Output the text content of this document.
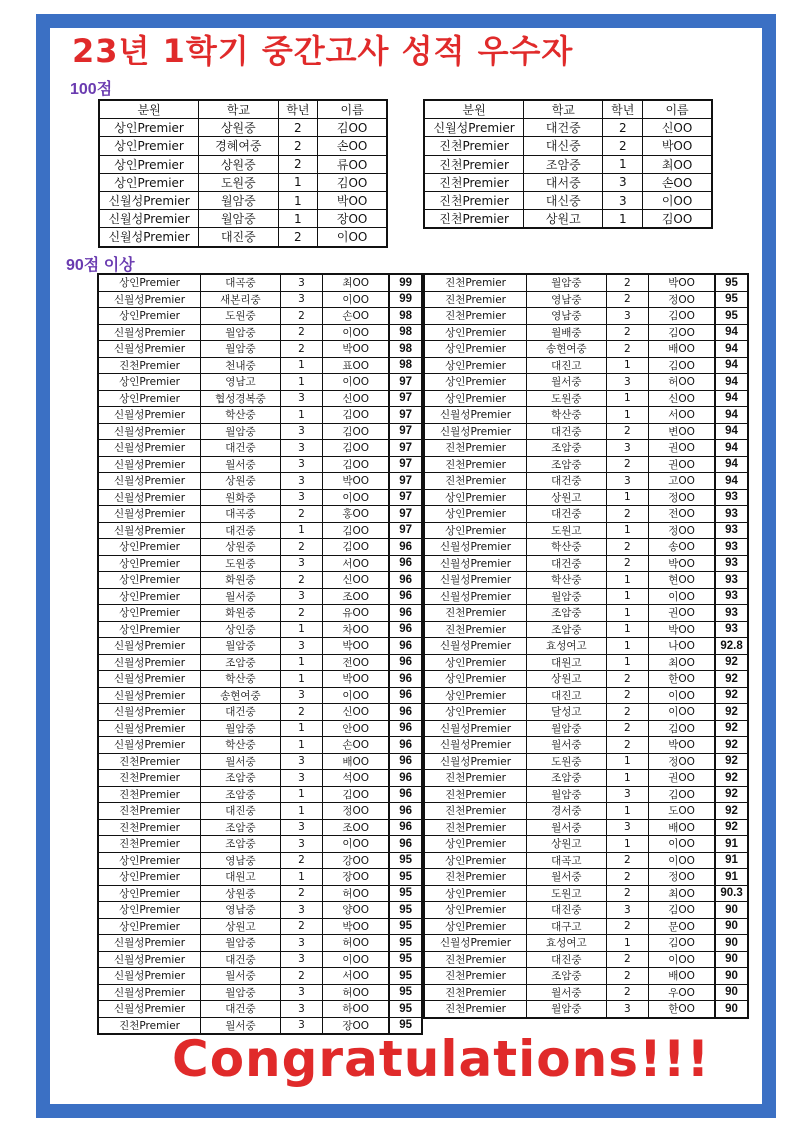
23년 1학기 중간고사 성적 우수자
100점
분원	학교	학년	이름
상인Premier	상원중	2	김OO
상인Premier	경혜여중	2	손OO
상인Premier	상원중	2	류OO
상인Premier	도원중	1	김OO
신월성Premier	월암중	1	박OO
신월성Premier	월암중	1	장OO
신월성Premier	대진중	2	이OO
분원	학교	학년	이름
신월성Premier	대건중	2	신OO
진천Premier	대신중	2	박OO
진천Premier	조암중	1	최OO
진천Premier	대서중	3	손OO
진천Premier	대신중	3	이OO
진천Premier	상원고	1	김OO
90점 이상
상인Premier	대곡중	3	최OO	99
신월성Premier	새본리중	3	이OO	99
상인Premier	도원중	2	손OO	98
신월성Premier	월암중	2	이OO	98
신월성Premier	월암중	2	박OO	98
진천Premier	천내중	1	표OO	98
상인Premier	영남고	1	이OO	97
상인Premier	협성경복중	3	신OO	97
신월성Premier	학산중	1	김OO	97
신월성Premier	월암중	3	김OO	97
신월성Premier	대건중	3	김OO	97
신월성Premier	월서중	3	김OO	97
신월성Premier	상원중	3	박OO	97
신월성Premier	원화중	3	이OO	97
신월성Premier	대곡중	2	홍OO	97
신월성Premier	대건중	1	김OO	97
상인Premier	상원중	2	김OO	96
상인Premier	도원중	3	서OO	96
상인Premier	화원중	2	신OO	96
상인Premier	월서중	3	조OO	96
상인Premier	화원중	2	유OO	96
상인Premier	상인중	1	차OO	96
신월성Premier	월암중	3	박OO	96
신월성Premier	조암중	1	전OO	96
신월성Premier	학산중	1	박OO	96
신월성Premier	송현여중	3	이OO	96
신월성Premier	대건중	2	신OO	96
신월성Premier	월암중	1	안OO	96
신월성Premier	학산중	1	손OO	96
진천Premier	월서중	3	배OO	96
진천Premier	조암중	3	석OO	96
진천Premier	조암중	1	김OO	96
진천Premier	대진중	1	정OO	96
진천Premier	조암중	3	조OO	96
진천Premier	조암중	3	이OO	96
상인Premier	영남중	2	강OO	95
상인Premier	대원고	1	장OO	95
상인Premier	상원중	2	허OO	95
상인Premier	영남중	3	양OO	95
상인Premier	상원고	2	박OO	95
신월성Premier	월암중	3	허OO	95
신월성Premier	대건중	3	이OO	95
신월성Premier	월서중	2	서OO	95
신월성Premier	월암중	3	허OO	95
신월성Premier	대건중	3	하OO	95
진천Premier	월서중	3	장OO	95
진천Premier	월암중	2	박OO	95
진천Premier	영남중	2	정OO	95
진천Premier	영남중	3	김OO	95
상인Premier	월배중	2	김OO	94
상인Premier	송현여중	2	배OO	94
상인Premier	대진고	1	김OO	94
상인Premier	월서중	3	허OO	94
상인Premier	도원중	1	신OO	94
신월성Premier	학산중	1	서OO	94
신월성Premier	대건중	2	변OO	94
진천Premier	조암중	3	권OO	94
진천Premier	조암중	2	권OO	94
진천Premier	대건중	3	고OO	94
상인Premier	상원고	1	정OO	93
상인Premier	대건중	2	전OO	93
상인Premier	도원고	1	정OO	93
신월성Premier	학산중	2	송OO	93
신월성Premier	대건중	2	박OO	93
신월성Premier	학산중	1	현OO	93
신월성Premier	월암중	1	이OO	93
진천Premier	조암중	1	권OO	93
진천Premier	조암중	1	박OO	93
신월성Premier	효성여고	1	나OO	92.8
상인Premier	대원고	1	최OO	92
상인Premier	상원고	2	한OO	92
상인Premier	대진고	2	이OO	92
상인Premier	달성고	2	이OO	92
신월성Premier	월암중	2	김OO	92
신월성Premier	월서중	2	박OO	92
신월성Premier	도원중	1	정OO	92
진천Premier	조암중	1	권OO	92
진천Premier	월암중	3	김OO	92
진천Premier	경서중	1	도OO	92
진천Premier	월서중	3	배OO	92
상인Premier	상원고	1	이OO	91
상인Premier	대곡고	2	이OO	91
진천Premier	월서중	2	정OO	91
상인Premier	도원고	2	최OO	90.3
상인Premier	대진중	3	김OO	90
상인Premier	대구고	2	문OO	90
신월성Premier	효성여고	1	김OO	90
진천Premier	대진중	2	이OO	90
진천Premier	조암중	2	배OO	90
진천Premier	월서중	2	우OO	90
진천Premier	월암중	3	한OO	90
Congratulations!!!
